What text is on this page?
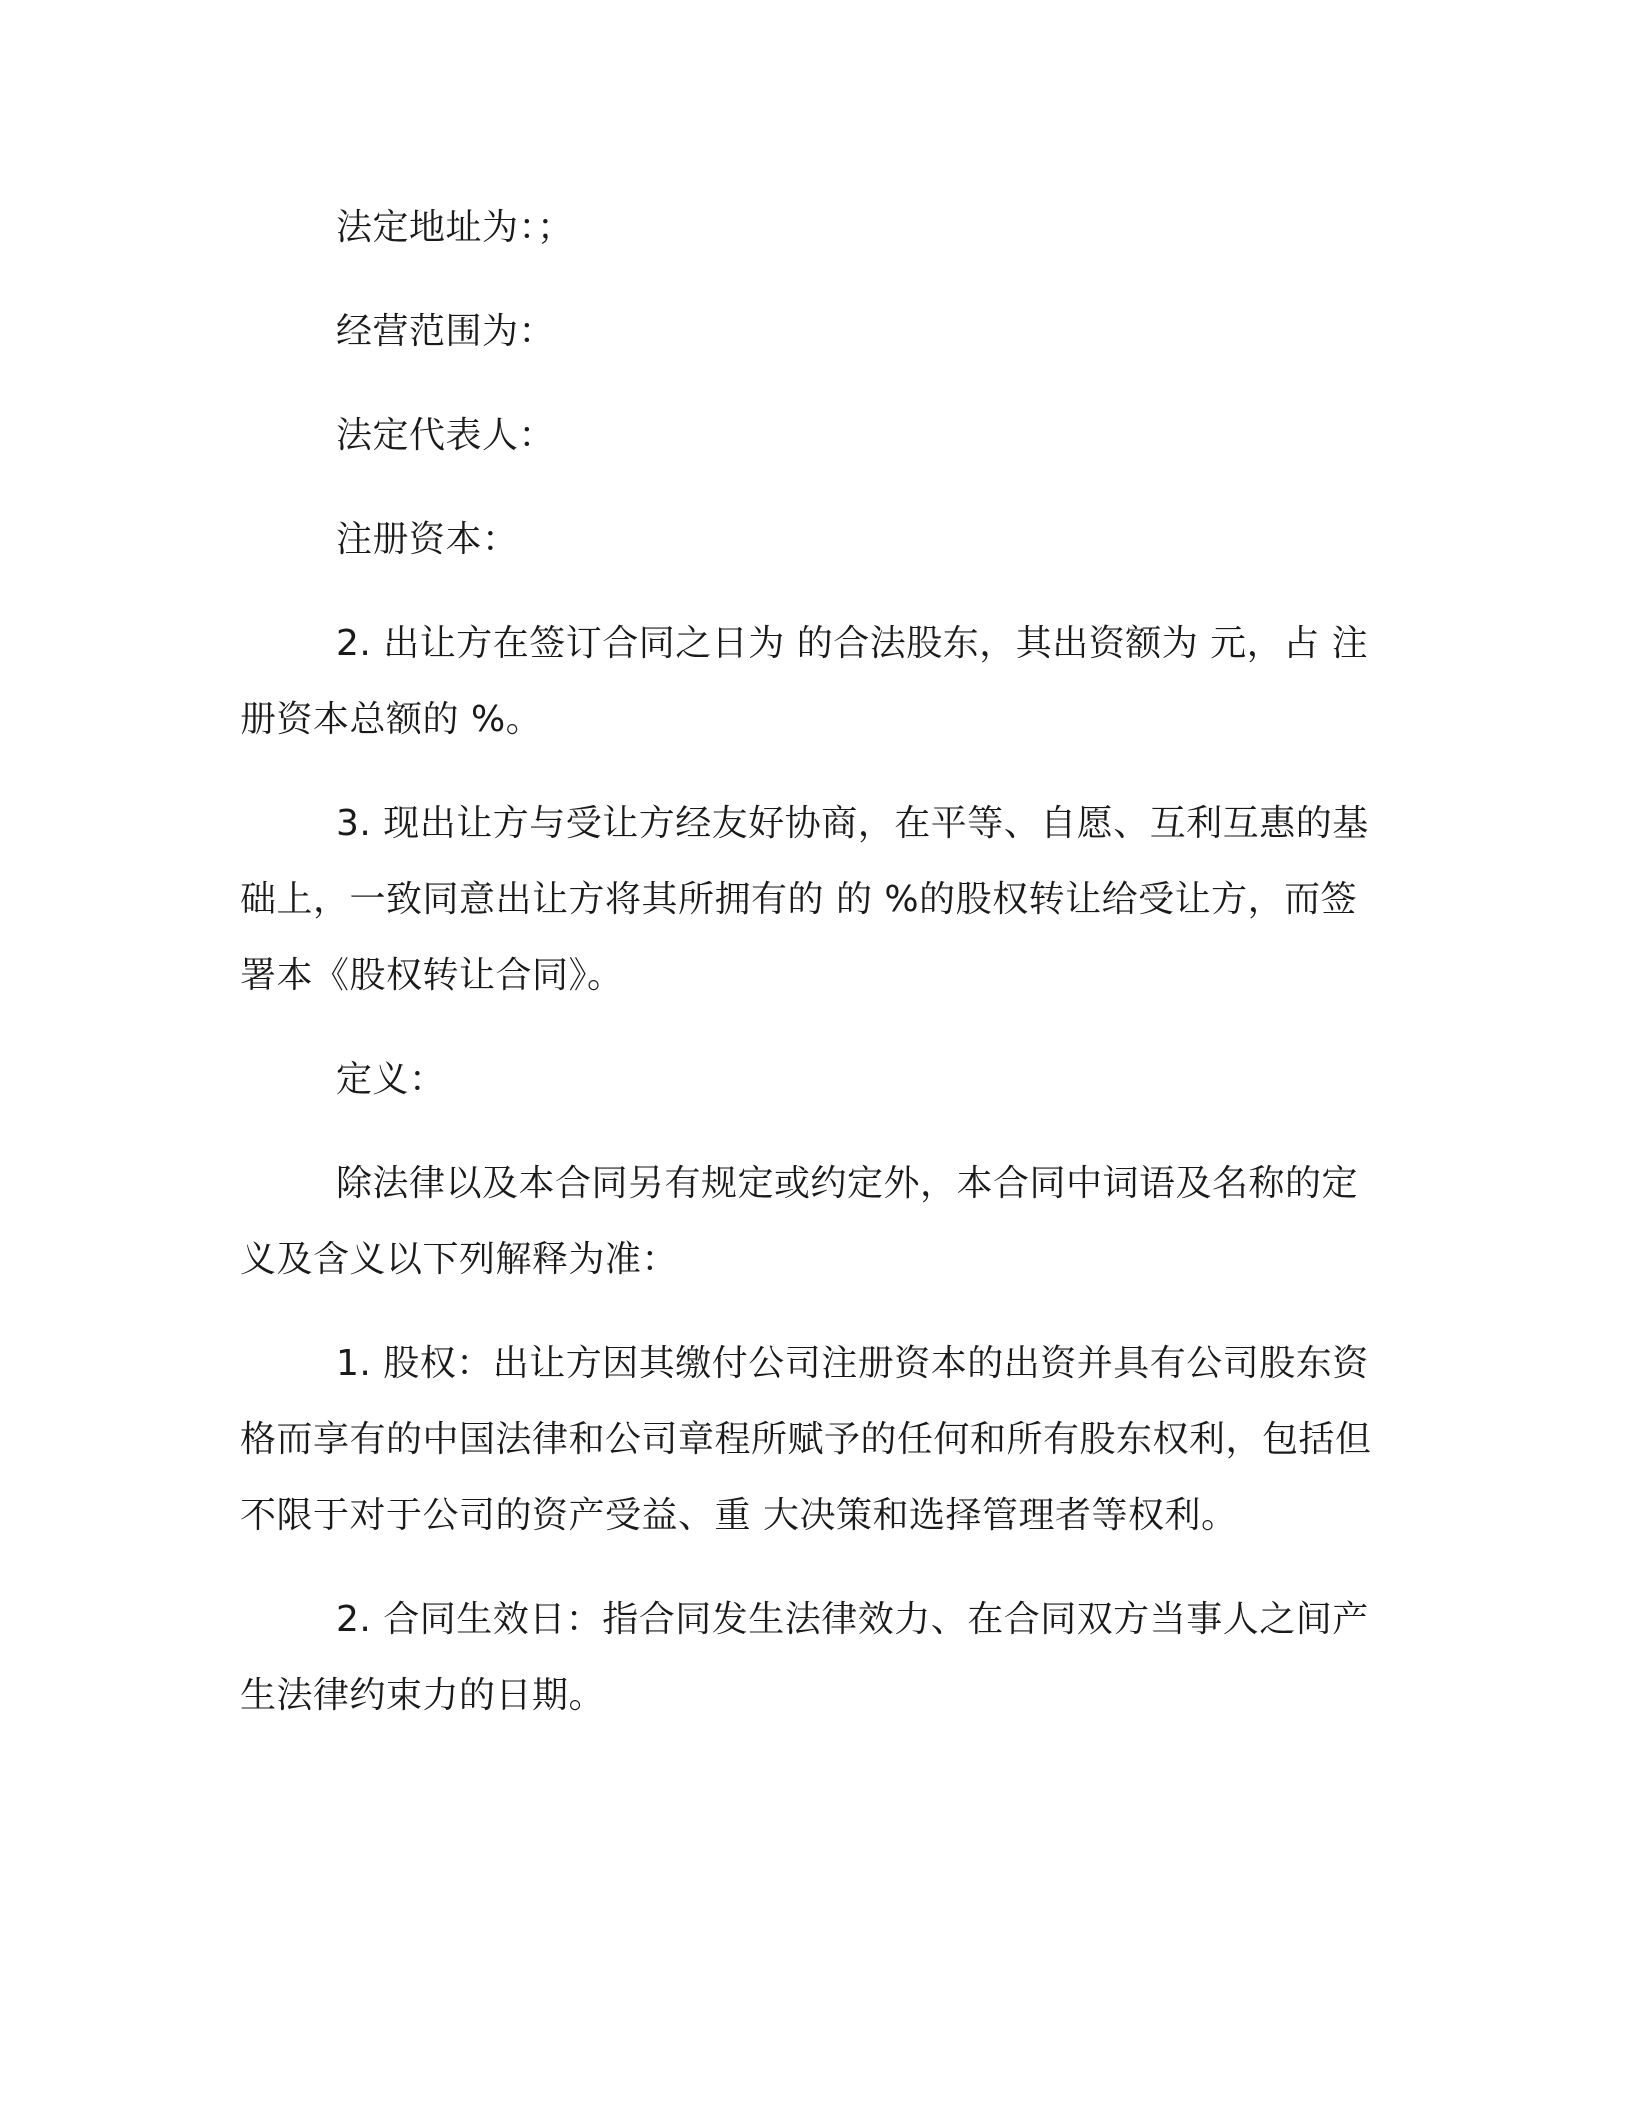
法定地址为：；

经营范围为：

法定代表人：

注册资本：

2. 出让方在签订合同之日为 的合法股东，其出资额为 元，占 注册资本总额的 %。

3. 现出让方与受让方经友好协商，在平等、自愿、互利互惠的基础上，一致同意出让方将其所拥有的 的 %的股权转让给受让方，而签署本《股权转让合同》。

定义：

除法律以及本合同另有规定或约定外，本合同中词语及名称的定义及含义以下列解释为准：

1. 股权：出让方因其缴付公司注册资本的出资并具有公司股东资格而享有的中国法律和公司章程所赋予的任何和所有股东权利，包括但不限于对于公司的资产受益、重 大决策和选择管理者等权利。

2. 合同生效日：指合同发生法律效力、在合同双方当事人之间产生法律约束力的日期。
